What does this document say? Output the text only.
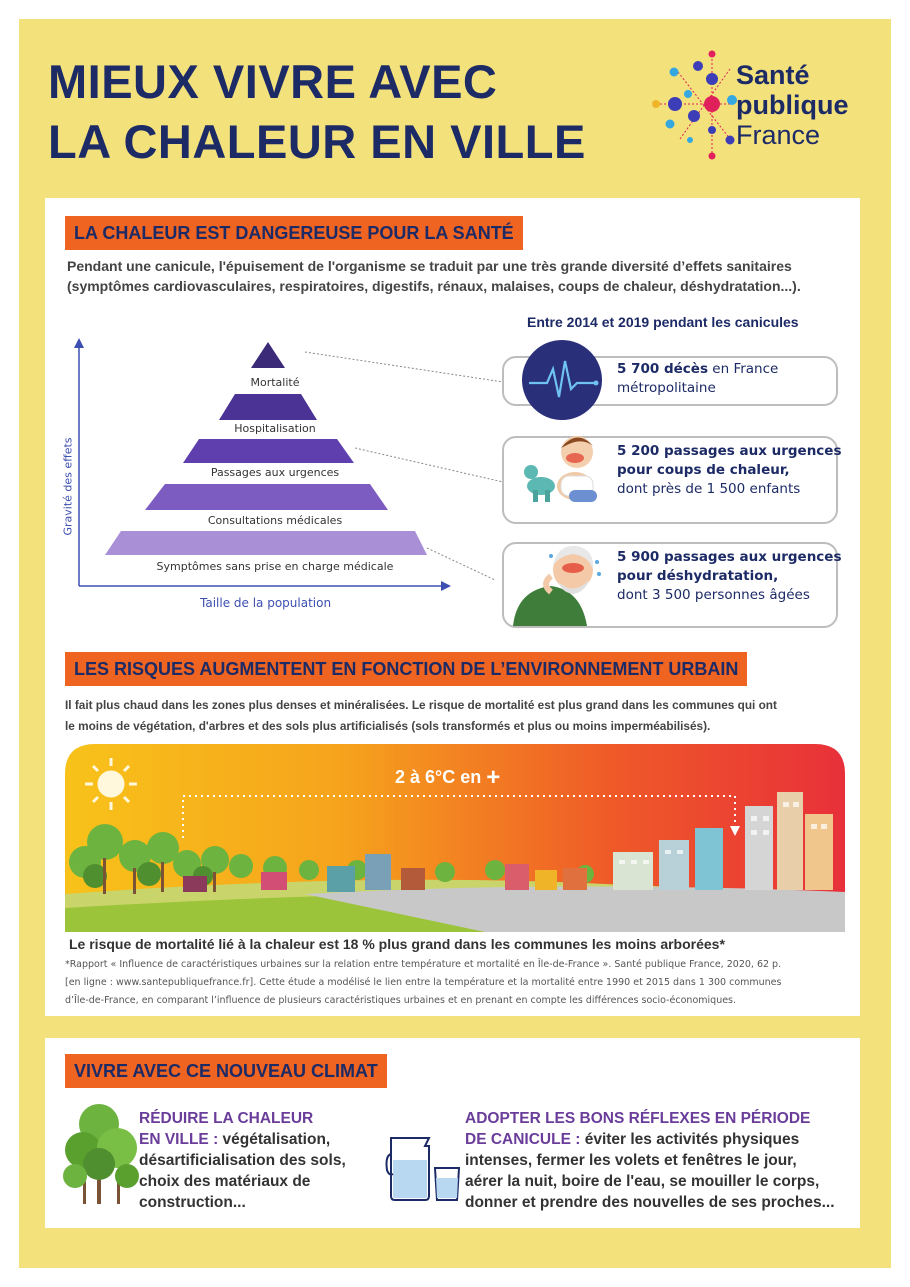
MIEUX VIVRE AVEC
LA CHALEUR EN VILLE
Santé
publique
France
LA CHALEUR EST DANGEREUSE POUR LA SANTÉ
Pendant une canicule, l'épuisement de l'organisme se traduit par une très grande diversité d’effets sanitaires (symptômes cardiovasculaires, respiratoires, digestifs, rénaux, malaises, coups de chaleur, déshydratation...).
Gravité des effets
Taille de la population
Mortalité
Hospitalisation
Passages aux urgences
Consultations médicales
Symptômes sans prise en charge médicale
Entre 2014 et 2019 pendant les canicules
5 700 décès en France
métropolitaine
5 200 passages aux urgences
pour coups de chaleur,
dont près de 1 500 enfants
5 900 passages aux urgences
pour déshydratation,
dont 3 500 personnes âgées
LES RISQUES AUGMENTENT EN FONCTION DE L’ENVIRONNEMENT URBAIN
Il fait plus chaud dans les zones plus denses et minéralisées. Le risque de mortalité est plus grand dans les communes qui ont
le moins de végétation, d'arbres et des sols plus artificialisés (sols transformés et plus ou moins imperméabilisés).
2 à 6°C en +
Le risque de mortalité lié à la chaleur est 18 % plus grand dans les communes les moins arborées*
*Rapport « Influence de caractéristiques urbaines sur la relation entre température et mortalité en Île-de-France ». Santé publique France, 2020, 62 p.
[en ligne : www.santepubliquefrance.fr]. Cette étude a modélisé le lien entre la température et la mortalité entre 1990 et 2015 dans 1 300 communes
d’Île-de-France, en comparant l’influence de plusieurs caractéristiques urbaines et en prenant en compte les différences socio-économiques.
VIVRE AVEC CE NOUVEAU CLIMAT
RÉDUIRE LA CHALEUR
EN VILLE : végétalisation,
désartificialisation des sols,
choix des matériaux de
construction...
ADOPTER LES BONS RÉFLEXES EN PÉRIODE
DE CANICULE : éviter les activités physiques
intenses, fermer les volets et fenêtres le jour,
aérer la nuit, boire de l'eau, se mouiller le corps,
donner et prendre des nouvelles de ses proches...
